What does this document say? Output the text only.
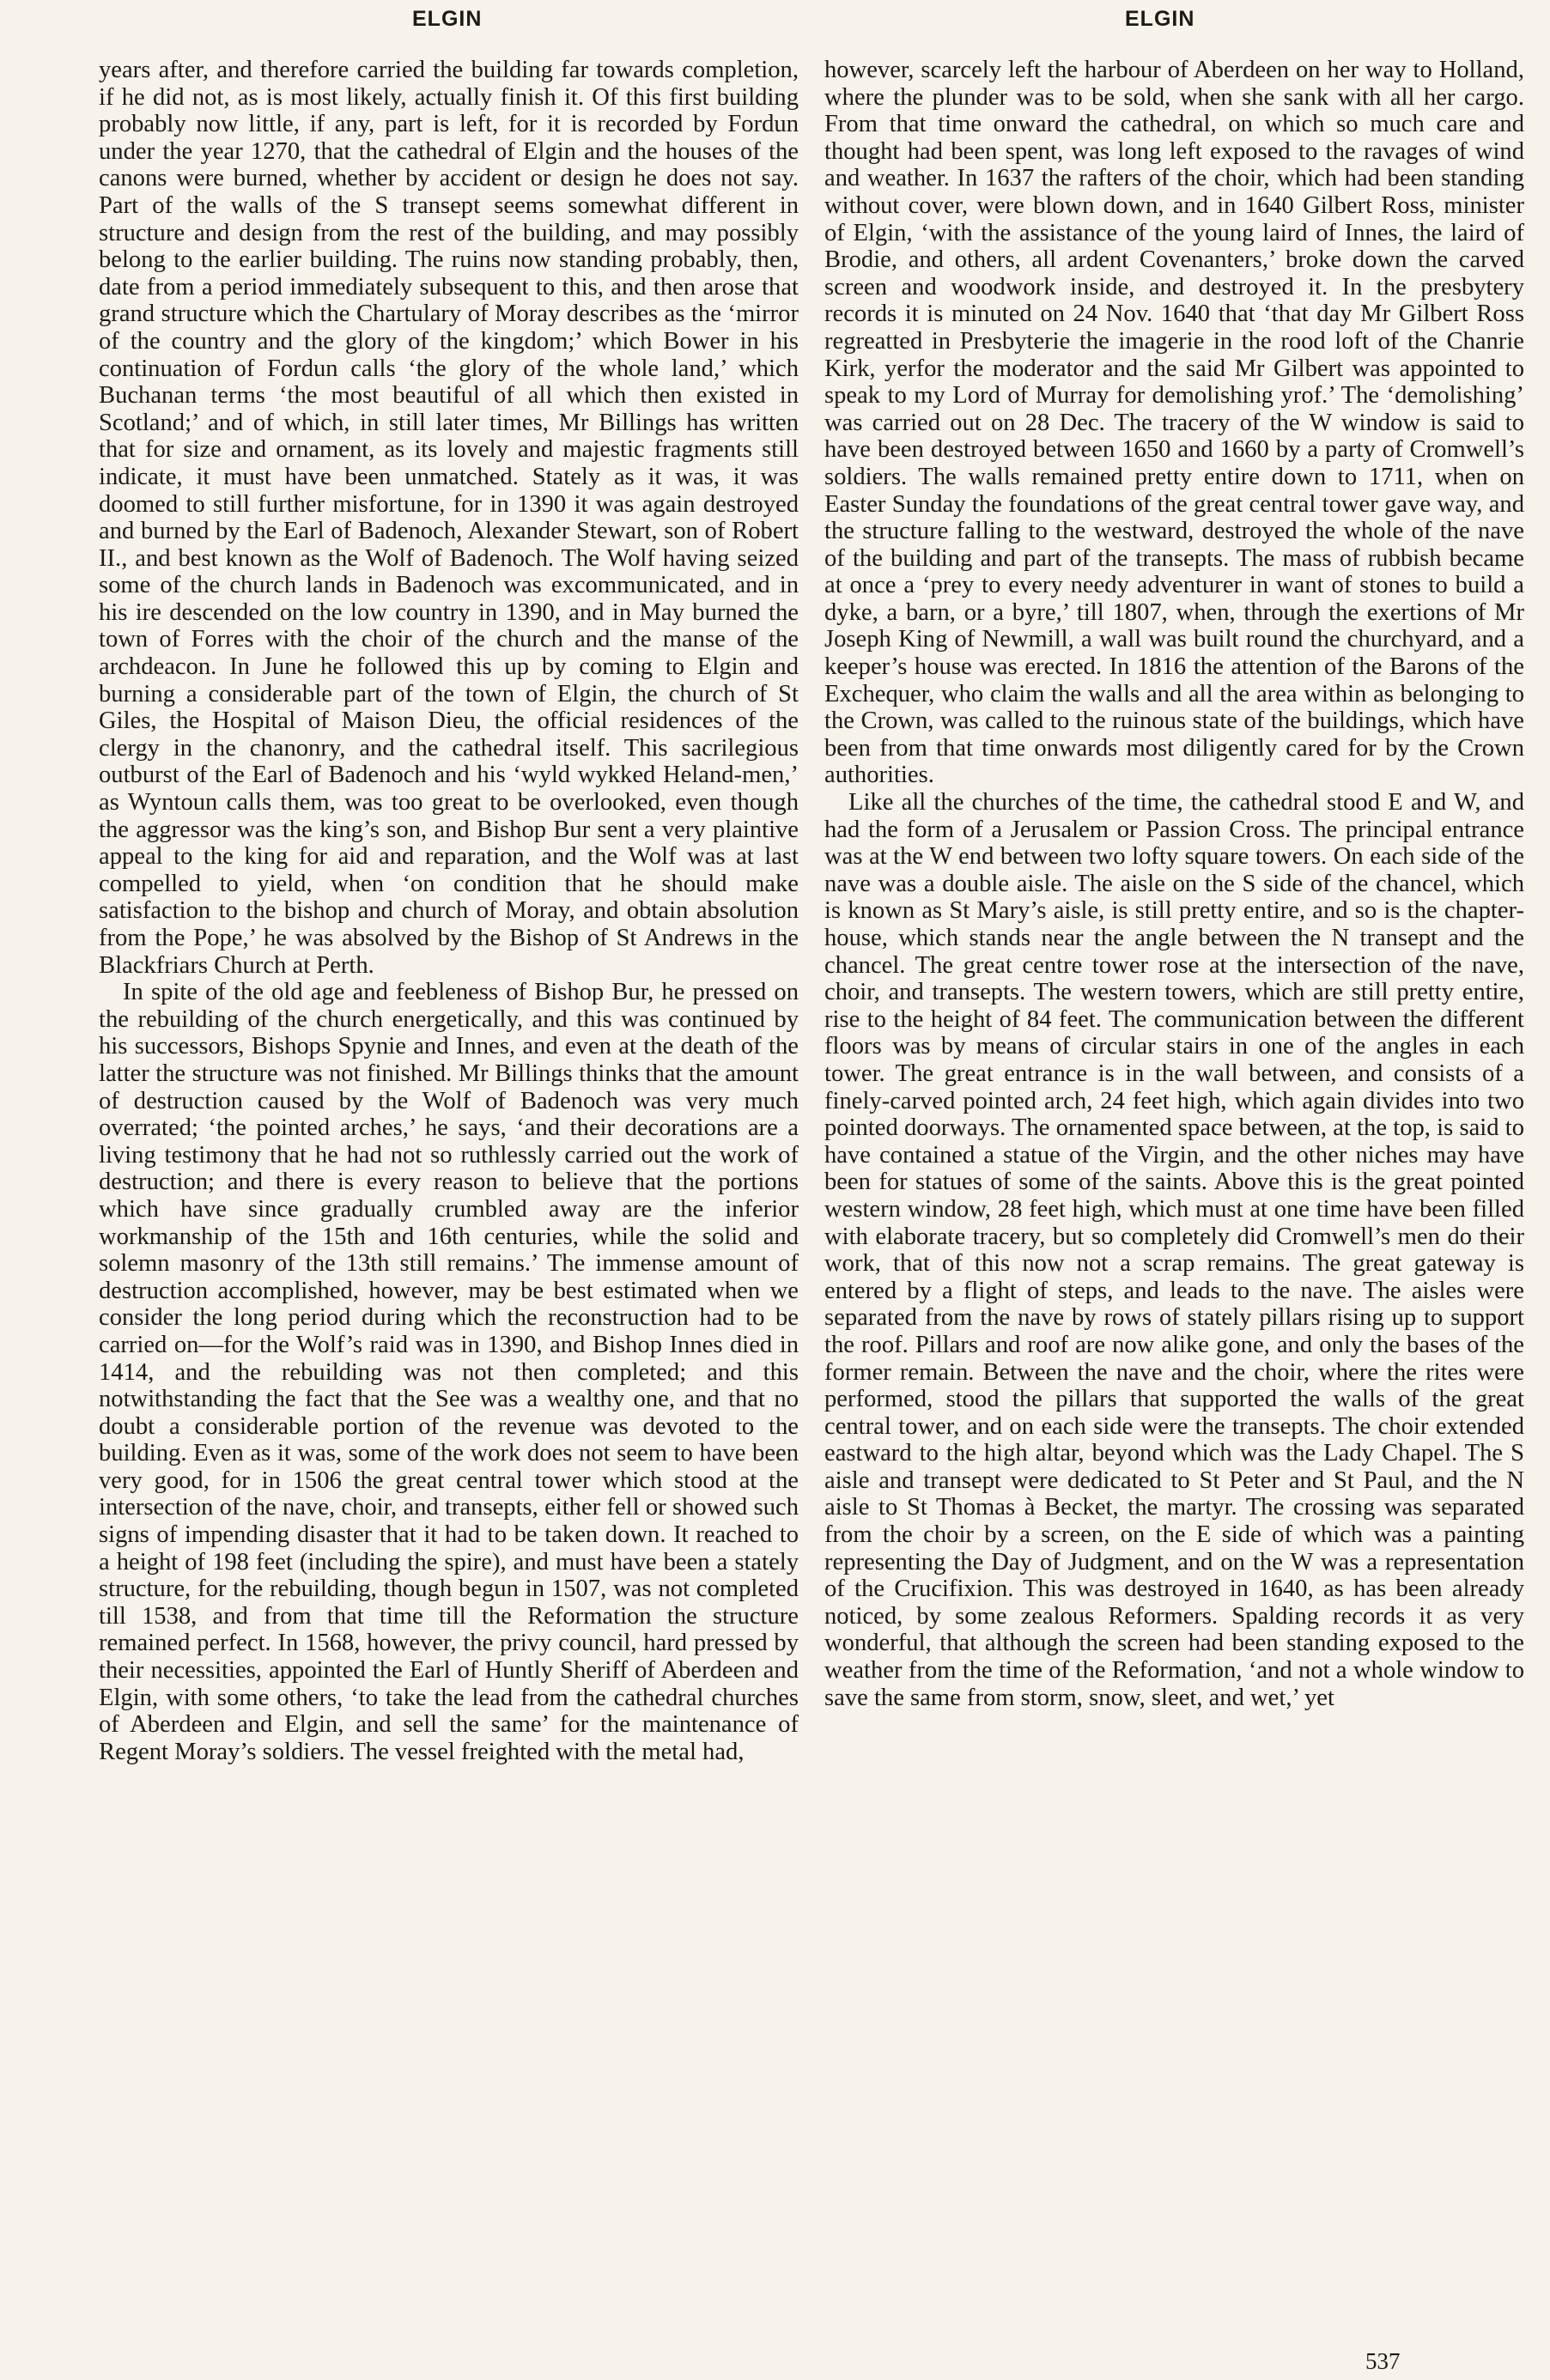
ELGIN	ELGIN

years after, and therefore carried the building far towards completion, if he did not, as is most likely, actually finish it. Of this first building probably now little, if any, part is left, for it is recorded by Fordun under the year 1270, that the cathedral of Elgin and the houses of the canons were burned, whether by accident or design he does not say. Part of the walls of the S transept seems somewhat different in structure and design from the rest of the building, and may possibly belong to the earlier building. The ruins now standing probably, then, date from a period immediately subsequent to this, and then arose that grand structure which the Chartulary of Moray describes as the ‘mirror of the country and the glory of the kingdom;’ which Bower in his continuation of Fordun calls ‘the glory of the whole land,’ which Buchanan terms ‘the most beautiful of all which then existed in Scotland;’ and of which, in still later times, Mr Billings has written that for size and ornament, as its lovely and majestic fragments still indicate, it must have been unmatched. Stately as it was, it was doomed to still further misfortune, for in 1390 it was again destroyed and burned by the Earl of Badenoch, Alexander Stewart, son of Robert II., and best known as the Wolf of Badenoch. The Wolf having seized some of the church lands in Badenoch was excommunicated, and in his ire descended on the low country in 1390, and in May burned the town of Forres with the choir of the church and the manse of the archdeacon. In June he followed this up by coming to Elgin and burning a considerable part of the town of Elgin, the church of St Giles, the Hospital of Maison Dieu, the official residences of the clergy in the chanonry, and the cathedral itself. This sacrilegious outburst of the Earl of Badenoch and his ‘wyld wykked Heland-men,’ as Wyntoun calls them, was too great to be overlooked, even though the aggressor was the king’s son, and Bishop Bur sent a very plaintive appeal to the king for aid and reparation, and the Wolf was at last compelled to yield, when ‘on condition that he should make satisfaction to the bishop and church of Moray, and obtain absolution from the Pope,’ he was absolved by the Bishop of St Andrews in the Blackfriars Church at Perth.

In spite of the old age and feebleness of Bishop Bur, he pressed on the rebuilding of the church energetically, and this was continued by his successors, Bishops Spynie and Innes, and even at the death of the latter the structure was not finished. Mr Billings thinks that the amount of destruction caused by the Wolf of Badenoch was very much overrated; ‘the pointed arches,’ he says, ‘and their decorations are a living testimony that he had not so ruthlessly carried out the work of destruction; and there is every reason to believe that the portions which have since gradually crumbled away are the inferior workmanship of the 15th and 16th centuries, while the solid and solemn masonry of the 13th still remains.’ The immense amount of destruction accomplished, however, may be best estimated when we consider the long period during which the reconstruction had to be carried on—for the Wolf’s raid was in 1390, and Bishop Innes died in 1414, and the rebuilding was not then completed; and this notwithstanding the fact that the See was a wealthy one, and that no doubt a considerable portion of the revenue was devoted to the building. Even as it was, some of the work does not seem to have been very good, for in 1506 the great central tower which stood at the intersection of the nave, choir, and transepts, either fell or showed such signs of impending disaster that it had to be taken down. It reached to a height of 198 feet (including the spire), and must have been a stately structure, for the rebuilding, though begun in 1507, was not completed till 1538, and from that time till the Reformation the structure remained perfect. In 1568, however, the privy council, hard pressed by their necessities, appointed the Earl of Huntly Sheriff of Aberdeen and Elgin, with some others, ‘to take the lead from the cathedral churches of Aberdeen and Elgin, and sell the same’ for the maintenance of Regent Moray’s soldiers. The vessel freighted with the metal had,

however, scarcely left the harbour of Aberdeen on her way to Holland, where the plunder was to be sold, when she sank with all her cargo. From that time onward the cathedral, on which so much care and thought had been spent, was long left exposed to the ravages of wind and weather. In 1637 the rafters of the choir, which had been standing without cover, were blown down, and in 1640 Gilbert Ross, minister of Elgin, ‘with the assistance of the young laird of Innes, the laird of Brodie, and others, all ardent Covenanters,’ broke down the carved screen and woodwork inside, and destroyed it. In the presbytery records it is minuted on 24 Nov. 1640 that ‘that day Mr Gilbert Ross regreatted in Presbyterie the imagerie in the rood loft of the Chanrie Kirk, yerfor the moderator and the said Mr Gilbert was appointed to speak to my Lord of Murray for demolishing yrof.’ The ‘demolishing’ was carried out on 28 Dec. The tracery of the W window is said to have been destroyed between 1650 and 1660 by a party of Cromwell’s soldiers. The walls remained pretty entire down to 1711, when on Easter Sunday the foundations of the great central tower gave way, and the structure falling to the westward, destroyed the whole of the nave of the building and part of the transepts. The mass of rubbish became at once a ‘prey to every needy adventurer in want of stones to build a dyke, a barn, or a byre,’ till 1807, when, through the exertions of Mr Joseph King of Newmill, a wall was built round the churchyard, and a keeper’s house was erected. In 1816 the attention of the Barons of the Exchequer, who claim the walls and all the area within as belonging to the Crown, was called to the ruinous state of the buildings, which have been from that time onwards most diligently cared for by the Crown authorities.

Like all the churches of the time, the cathedral stood E and W, and had the form of a Jerusalem or Passion Cross. The principal entrance was at the W end between two lofty square towers. On each side of the nave was a double aisle. The aisle on the S side of the chancel, which is known as St Mary’s aisle, is still pretty entire, and so is the chapter-house, which stands near the angle between the N transept and the chancel. The great centre tower rose at the intersection of the nave, choir, and transepts. The western towers, which are still pretty entire, rise to the height of 84 feet. The communication between the different floors was by means of circular stairs in one of the angles in each tower. The great entrance is in the wall between, and consists of a finely-carved pointed arch, 24 feet high, which again divides into two pointed doorways. The ornamented space between, at the top, is said to have contained a statue of the Virgin, and the other niches may have been for statues of some of the saints. Above this is the great pointed western window, 28 feet high, which must at one time have been filled with elaborate tracery, but so completely did Cromwell’s men do their work, that of this now not a scrap remains. The great gateway is entered by a flight of steps, and leads to the nave. The aisles were separated from the nave by rows of stately pillars rising up to support the roof. Pillars and roof are now alike gone, and only the bases of the former remain. Between the nave and the choir, where the rites were performed, stood the pillars that supported the walls of the great central tower, and on each side were the transepts. The choir extended eastward to the high altar, beyond which was the Lady Chapel. The S aisle and transept were dedicated to St Peter and St Paul, and the N aisle to St Thomas à Becket, the martyr. The crossing was separated from the choir by a screen, on the E side of which was a painting representing the Day of Judgment, and on the W was a representation of the Crucifixion. This was destroyed in 1640, as has been already noticed, by some zealous Reformers. Spalding records it as very wonderful, that although the screen had been standing exposed to the weather from the time of the Reformation, ‘and not a whole window to save the same from storm, snow, sleet, and wet,’ yet

537
